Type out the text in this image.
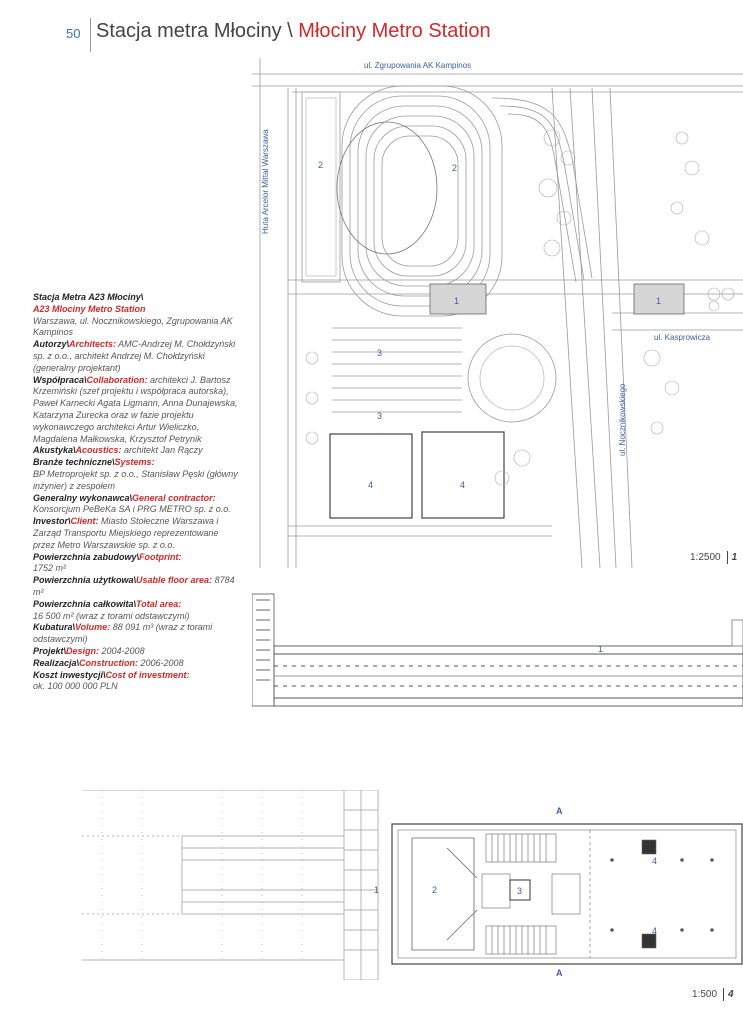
50 Stacja metra Młociny \ Młociny Metro Station

Stacja Metra A23 Młociny\

A23 Mlociny Metro Station

Warszawa, ul. Nocznikowskiego, Zgrupowania AK Kampinos

Autorzy\Architects: AMC-Andrzej M. Chołdzyński sp. z o.o., architekt Andrzej M. Chołdzyński (generalny projektant)

Współpraca\Collaboration: architekci J. Bartosz Krzemiński (szef projektu i współpraca autorska), Paweł Karnecki Agata Ligmann, Anna Dunajewska, Katarzyna Zurecka oraz w fazie projektu wykonawczego architekci Artur Wieliczko, Magdalena Małkowska, Krzysztof Petrynik

Akustyka\Acoustics: architekt Jan Rączy

Branże techniczne\Systems:

BP Metroprojekt sp. z o.o., Stanisław Pęski (główny inżynier) z zespołem

Generalny wykonawca\General contractor: Konsorcjum PeBeKa SA i PRG METRO sp. z o.o.

Investor\Client: Miasto Stołeczne Warszawa i Zarząd Transportu Miejskiego reprezentowane przez Metro Warszawskie sp. z o.o.

Powierzchnia zabudowy\Footprint:

1752 m²

Powierzchnia użytkowa\Usable floor area: 8784 m²

Powierzchnia całkowita\Total area:

16 500 m² (wraz z torami odstawczymi)

Kubatura\Volume: 88 091 m³ (wraz z torami odstawczymi)

Projekt\Design: 2004-2008

Realizacja\Construction: 2006-2008

Koszt inwestycji\Cost of investment:

ok. 100 000 000 PLN

ul. Zgrupowania AK Kampinos
ul. Kasprowicza
Huta Arcelor Mittal Warszawa
ul. Nocznikowskiego
2	2
1	1
3
3
4	4
1:2500 1
1
A
A
1	2	3
4
4
1:500 4
